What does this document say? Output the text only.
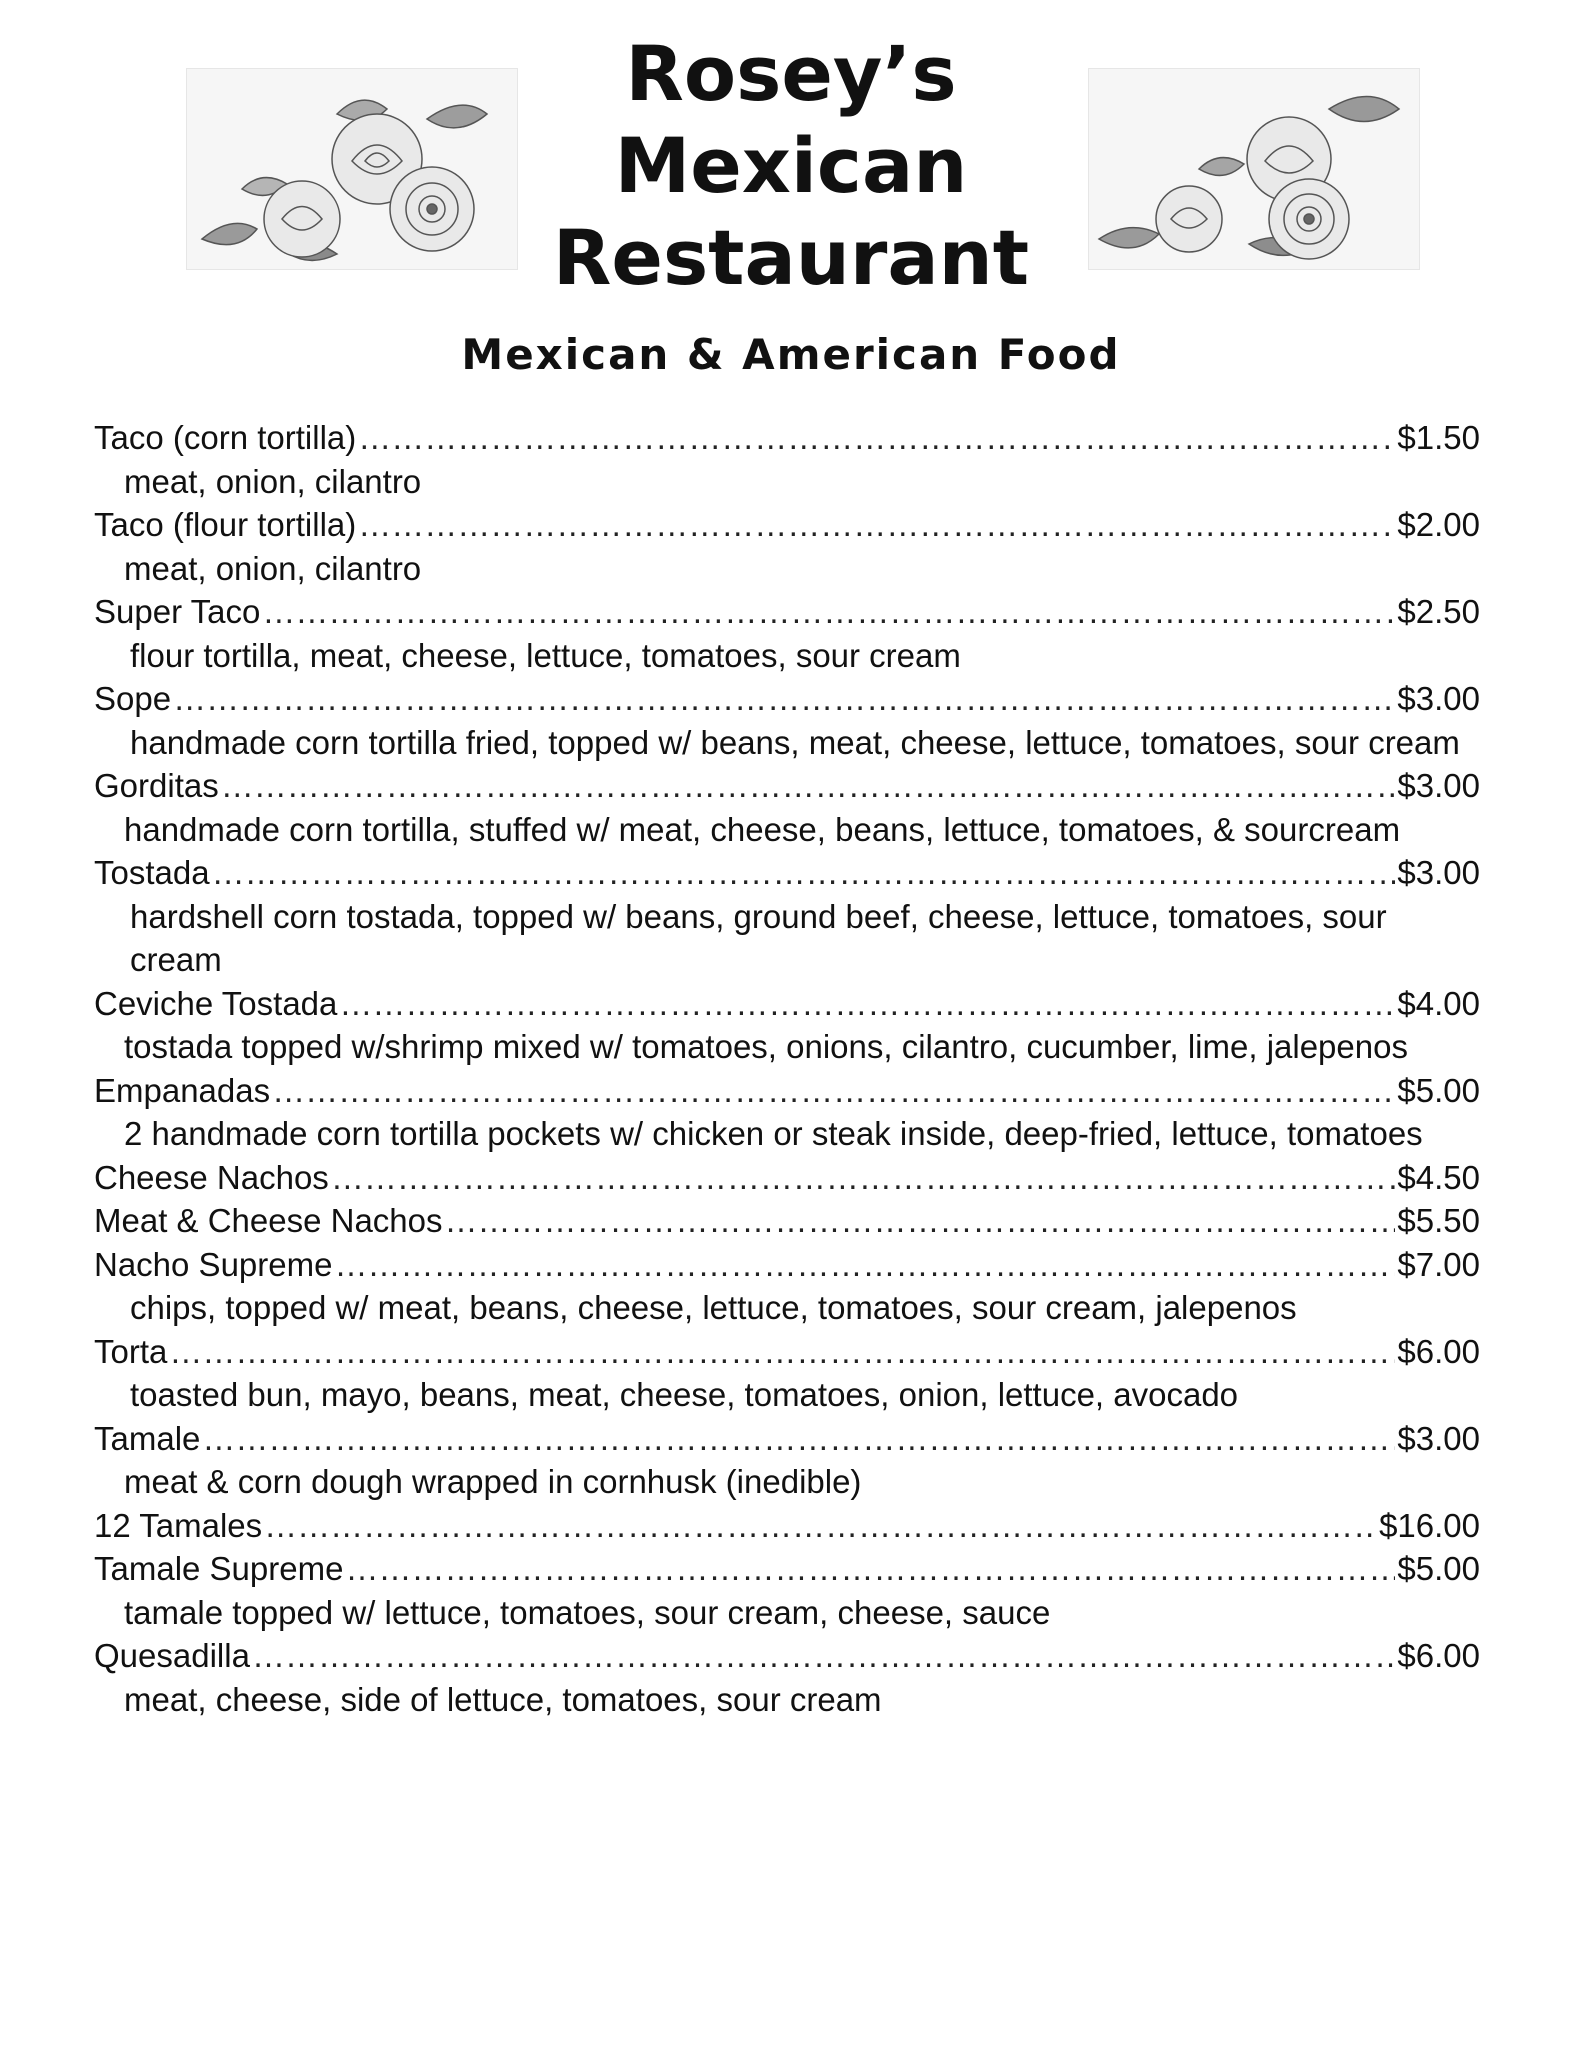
Rosey’s
Mexican
Restaurant
Mexican & American Food
Taco (corn tortilla) ……………………………………………………………………………………………………………………………………………………………………………………………………………………………	$1.50
meat, onion, cilantro
Taco (flour tortilla) ……………………………………………………………………………………………………………………………………………………………………………………………………………………………	$2.00
meat, onion, cilantro
Super Taco ……………………………………………………………………………………………………………………………………………………………………………………………………………………………	$2.50
flour tortilla, meat, cheese, lettuce, tomatoes, sour cream
Sope ……………………………………………………………………………………………………………………………………………………………………………………………………………………………	$3.00
handmade corn tortilla fried, topped w/ beans, meat, cheese, lettuce, tomatoes, sour cream
Gorditas ……………………………………………………………………………………………………………………………………………………………………………………………………………………………	$3.00
handmade corn tortilla, stuffed w/ meat, cheese, beans, lettuce, tomatoes, & sourcream
Tostada ……………………………………………………………………………………………………………………………………………………………………………………………………………………………	$3.00
hardshell corn tostada, topped w/ beans, ground beef, cheese, lettuce, tomatoes, sour cream
Ceviche Tostada ……………………………………………………………………………………………………………………………………………………………………………………………………………………………	$4.00
tostada topped w/shrimp mixed w/ tomatoes, onions, cilantro, cucumber, lime, jalepenos
Empanadas ……………………………………………………………………………………………………………………………………………………………………………………………………………………………	$5.00
2 handmade corn tortilla pockets w/ chicken or steak inside, deep-fried, lettuce, tomatoes
Cheese Nachos ……………………………………………………………………………………………………………………………………………………………………………………………………………………………	$4.50
Meat & Cheese Nachos ……………………………………………………………………………………………………………………………………………………………………………………………………………………………	$5.50
Nacho Supreme ……………………………………………………………………………………………………………………………………………………………………………………………………………………………	$7.00
chips, topped w/ meat, beans, cheese, lettuce, tomatoes, sour cream, jalepenos
Torta ……………………………………………………………………………………………………………………………………………………………………………………………………………………………	$6.00
toasted bun, mayo, beans, meat, cheese, tomatoes, onion, lettuce, avocado
Tamale ……………………………………………………………………………………………………………………………………………………………………………………………………………………………	$3.00
meat & corn dough wrapped in cornhusk (inedible)
12 Tamales ……………………………………………………………………………………………………………………………………………………………………………………………………………………………	$16.00
Tamale Supreme ……………………………………………………………………………………………………………………………………………………………………………………………………………………………	$5.00
tamale topped w/ lettuce, tomatoes, sour cream, cheese, sauce
Quesadilla ……………………………………………………………………………………………………………………………………………………………………………………………………………………………	$6.00
meat, cheese, side of lettuce, tomatoes, sour cream
